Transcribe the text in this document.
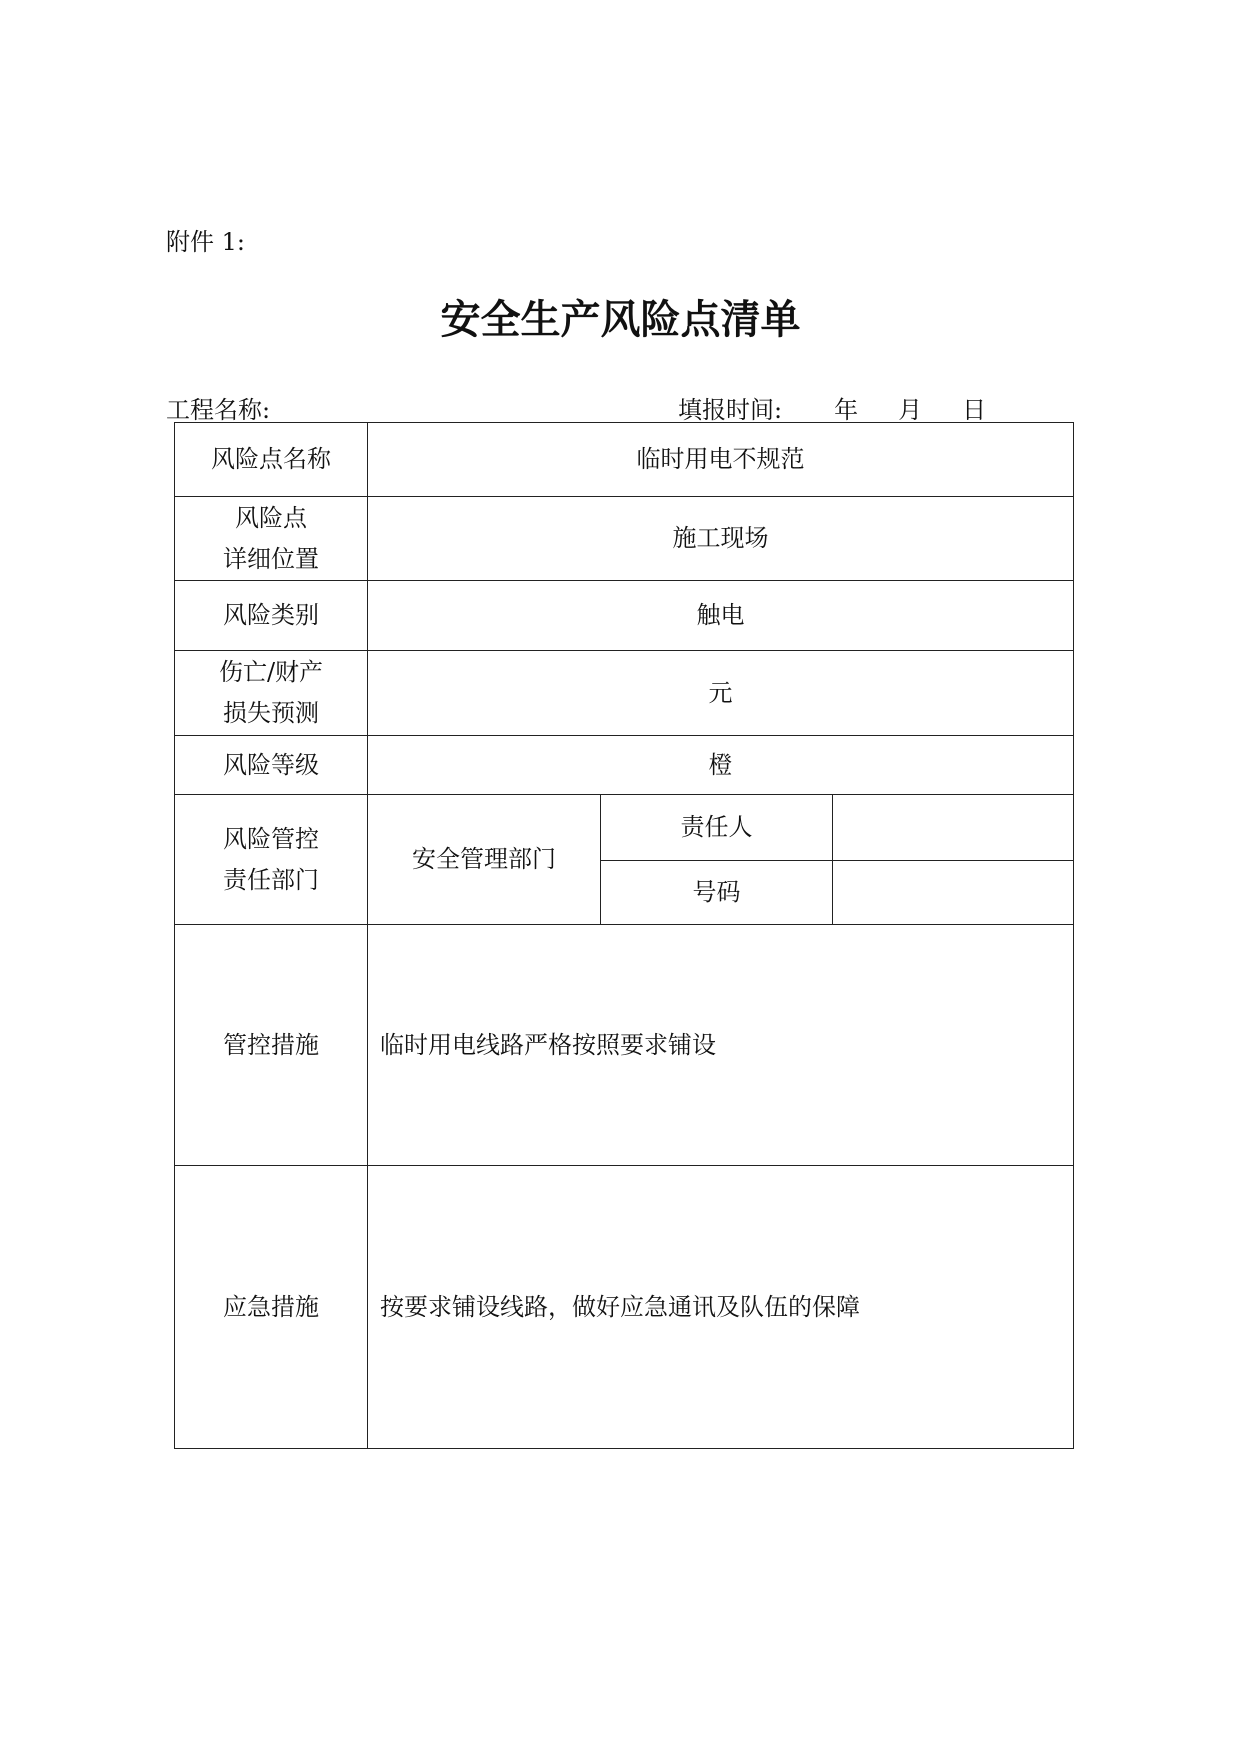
附件 1:
安全生产风险点清单
工程名称:	填报时间: 年 月 日
风险点名称	临时用电不规范		

风险点
详细位置	施工现场		
风险类别	触电		

伤亡/财产
损失预测	元		
风险等级	橙		

风险管控
责任部门	安全管理部门	责任人	
		号码	
管控措施	临时用电线路严格按照要求铺设		
应急措施	按要求铺设线路，做好应急通讯及队伍的保障		
